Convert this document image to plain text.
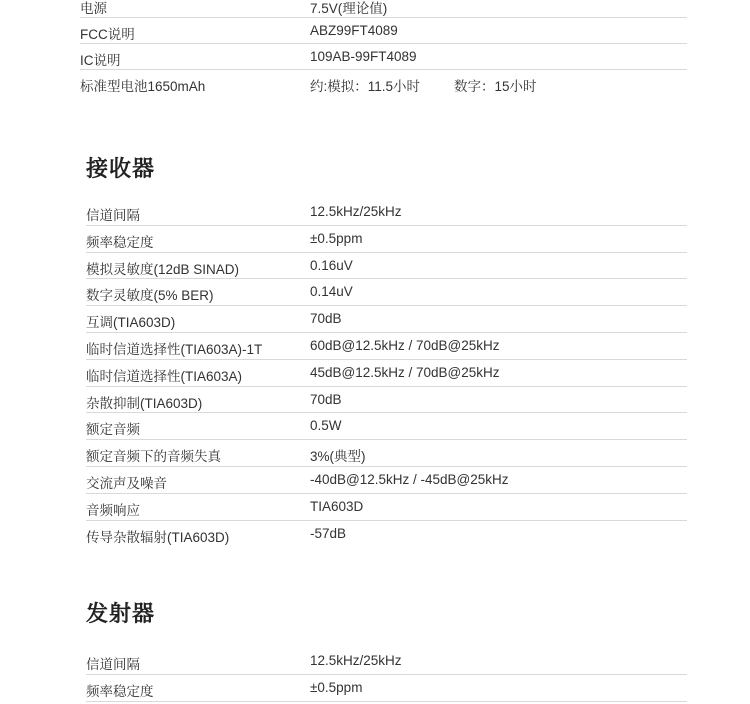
电源	7.5V(理论值)
FCC说明	ABZ99FT4089
IC说明	109AB-99FT4089
标准型电池1650mAh	约:模拟：11.5小时	数字：15小时
接收器
信道间隔	12.5kHz/25kHz
频率稳定度	±0.5ppm
模拟灵敏度(12dB SINAD)	0.16uV
数字灵敏度(5% BER)	0.14uV
互调(TIA603D)	70dB
临时信道选择性(TIA603A)-1T	60dB@12.5kHz / 70dB@25kHz
临时信道选择性(TIA603A)	45dB@12.5kHz / 70dB@25kHz
杂散抑制(TIA603D)	70dB
额定音频	0.5W
额定音频下的音频失真	3%(典型)
交流声及噪音	-40dB@12.5kHz / -45dB@25kHz
音频响应	TIA603D
传导杂散辐射(TIA603D)	-57dB
发射器
信道间隔	12.5kHz/25kHz
频率稳定度	±0.5ppm
